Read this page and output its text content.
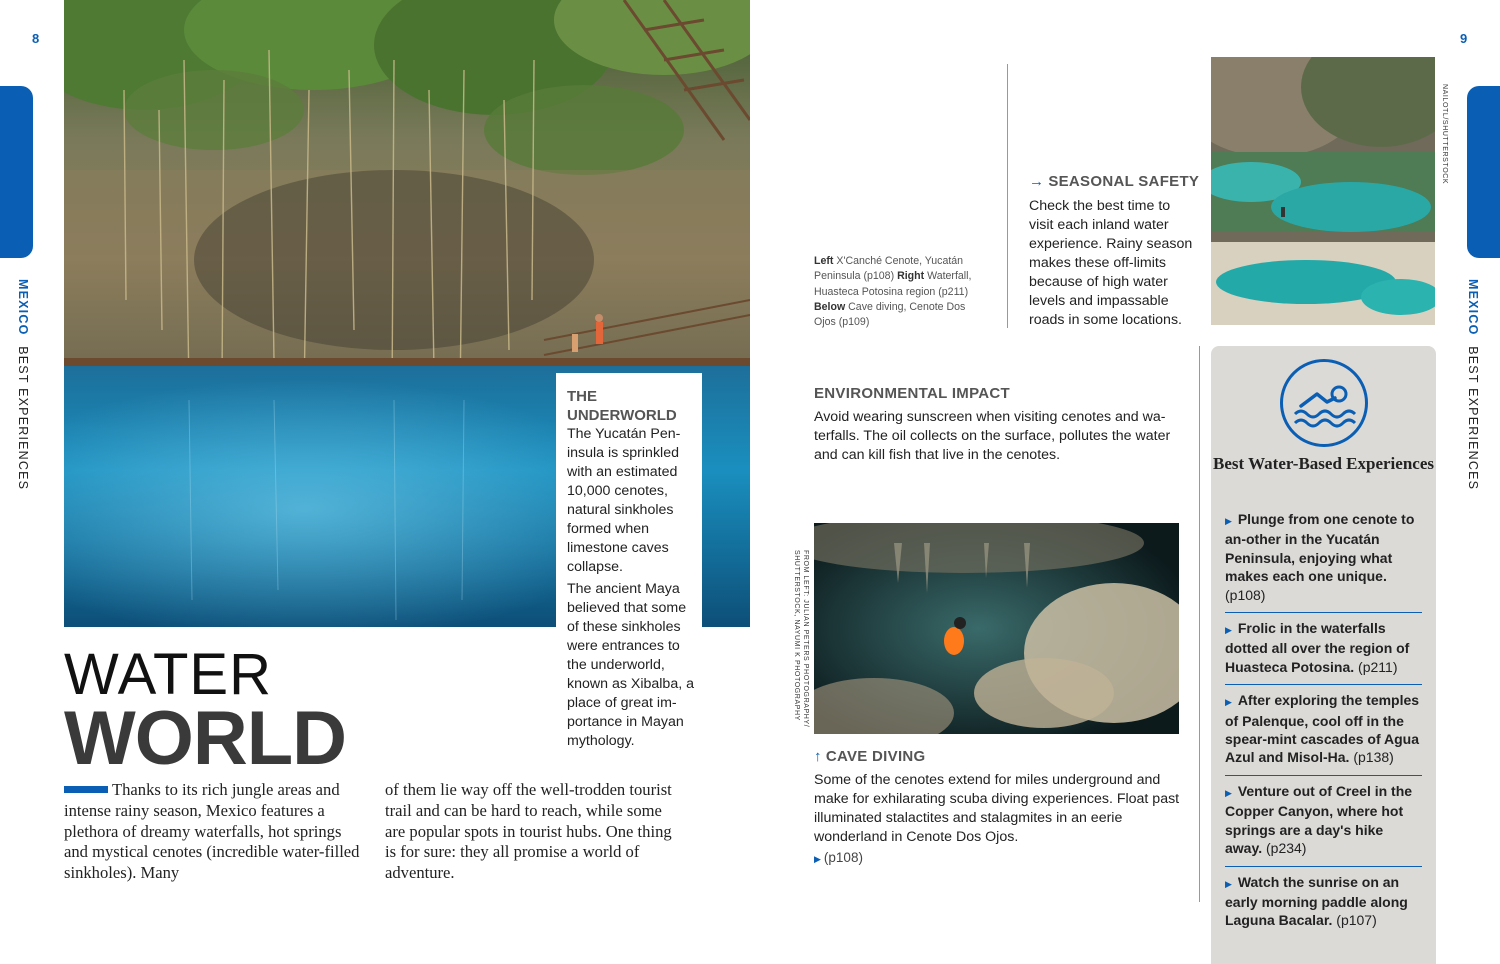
8	9
MEXICO BEST EXPERIENCES
MEXICO BEST EXPERIENCES
THE UNDERWORLD

The Yucatán Pen-insula is sprinkled with an estimated 10,000 cenotes, natural sinkholes formed when limestone caves collapse.

The ancient Maya believed that some of these sinkholes were entrances to the underworld, known as Xibalba, a place of great im-portance in Mayan mythology.

WATER
WORLD
Thanks to its rich jungle areas and intense rainy season, Mexico features a plethora of dreamy waterfalls, hot springs and mystical cenotes (incredible water-filled sinkholes). Many
of them lie way off the well-trodden tourist trail and can be hard to reach, while some are popular spots in tourist hubs. One thing is for sure: they all promise a world of adventure.
Left X'Canché Cenote, Yucatán Peninsula (p108) Right Waterfall, Huasteca Potosina region (p211) Below Cave diving, Cenote Dos Ojos (p109)
→ SEASONAL SAFETY

Check the best time to visit each inland water experience. Rainy season makes these off-limits because of high water levels and impassable roads in some locations.

NAILOTL/SHUTTERSTOCK
ENVIRONMENTAL IMPACT

Avoid wearing sunscreen when visiting cenotes and wa-terfalls. The oil collects on the surface, pollutes the water and can kill fish that live in the cenotes.

FROM LEFT: JULIAN PETERS PHOTOGRAPHY/
SHUTTERSTOCK, NAYUMI K PHOTOGRAPHY
↑ CAVE DIVING

Some of the cenotes extend for miles underground and make for exhilarating scuba diving experiences. Float past illuminated stalactites and stalagmites in an eerie wonderland in Cenote Dos Ojos.

▶ (p108)
Best Water-Based Experiences
▶ Plunge from one cenote to an-other in the Yucatán Peninsula, enjoying what makes each one unique. (p108)
▶ Frolic in the waterfalls dotted all over the region of Huasteca Potosina. (p211)
▶ After exploring the temples of Palenque, cool off in the spear-mint cascades of Agua Azul and Misol-Ha. (p138)
▶ Venture out of Creel in the Copper Canyon, where hot springs are a day's hike away. (p234)
▶ Watch the sunrise on an early morning paddle along Laguna Bacalar. (p107)
